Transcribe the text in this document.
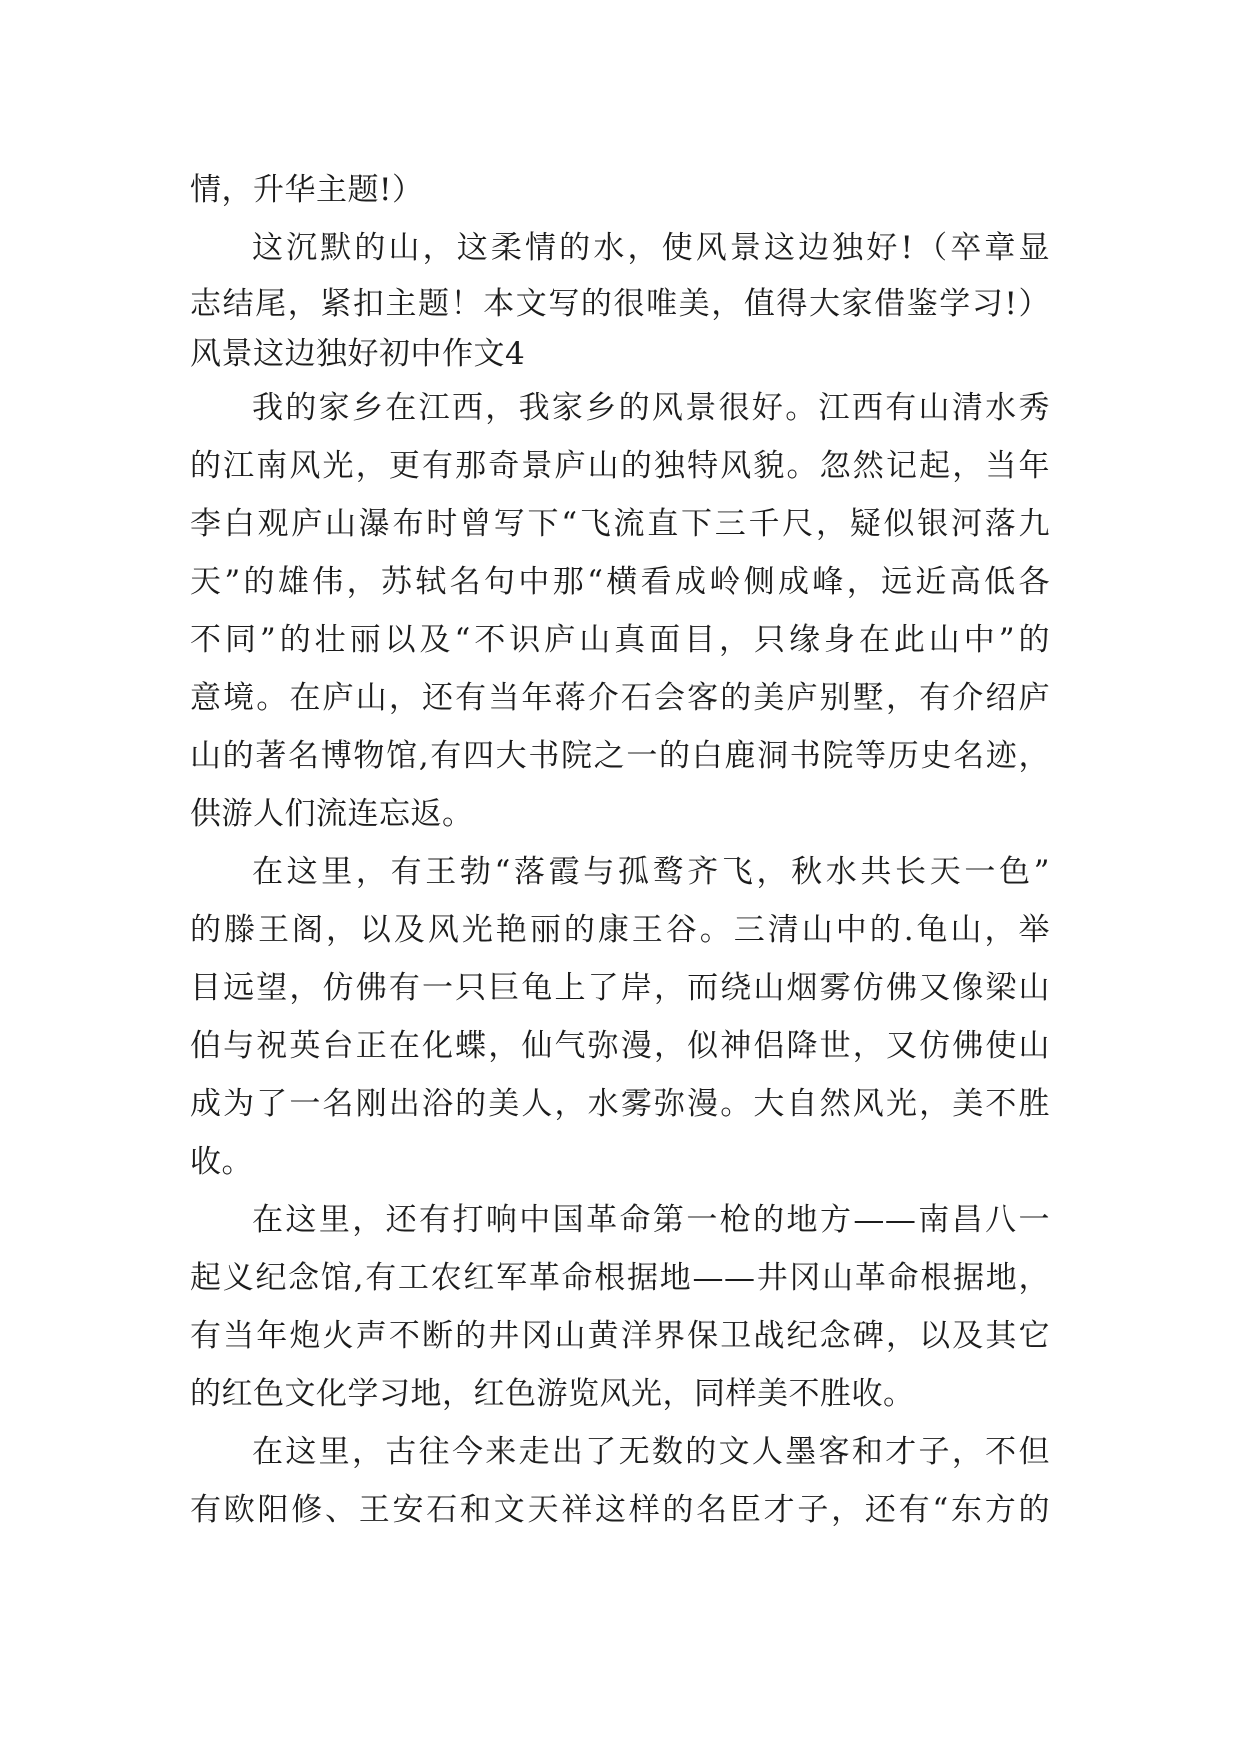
情，升华主题!）
这沉默的山，这柔情的水，使风景这边独好!（卒章显
志结尾，紧扣主题！本文写的很唯美，值得大家借鉴学习!）
风景这边独好初中作文4
我的家乡在江西，我家乡的风景很好。江西有山清水秀
的江南风光，更有那奇景庐山的独特风貌。忽然记起，当年
李白观庐山瀑布时曾写下“飞流直下三千尺，疑似银河落九
天”的雄伟，苏轼名句中那“横看成岭侧成峰，远近高低各
不同”的壮丽以及“不识庐山真面目，只缘身在此山中”的
意境。在庐山，还有当年蒋介石会客的美庐别墅，有介绍庐
山的著名博物馆,有四大书院之一的白鹿洞书院等历史名迹，
供游人们流连忘返。
在这里，有王勃“落霞与孤鹜齐飞，秋水共长天一色”
的滕王阁，以及风光艳丽的康王谷。三清山中的.龟山，举
目远望，仿佛有一只巨龟上了岸，而绕山烟雾仿佛又像梁山
伯与祝英台正在化蝶，仙气弥漫，似神侣降世，又仿佛使山
成为了一名刚出浴的美人，水雾弥漫。大自然风光，美不胜
收。
在这里，还有打响中国革命第一枪的地方——南昌八一
起义纪念馆,有工农红军革命根据地——井冈山革命根据地，
有当年炮火声不断的井冈山黄洋界保卫战纪念碑，以及其它
的红色文化学习地，红色游览风光，同样美不胜收。
在这里，古往今来走出了无数的文人墨客和才子，不但
有欧阳修、王安石和文天祥这样的名臣才子，还有“东方的
